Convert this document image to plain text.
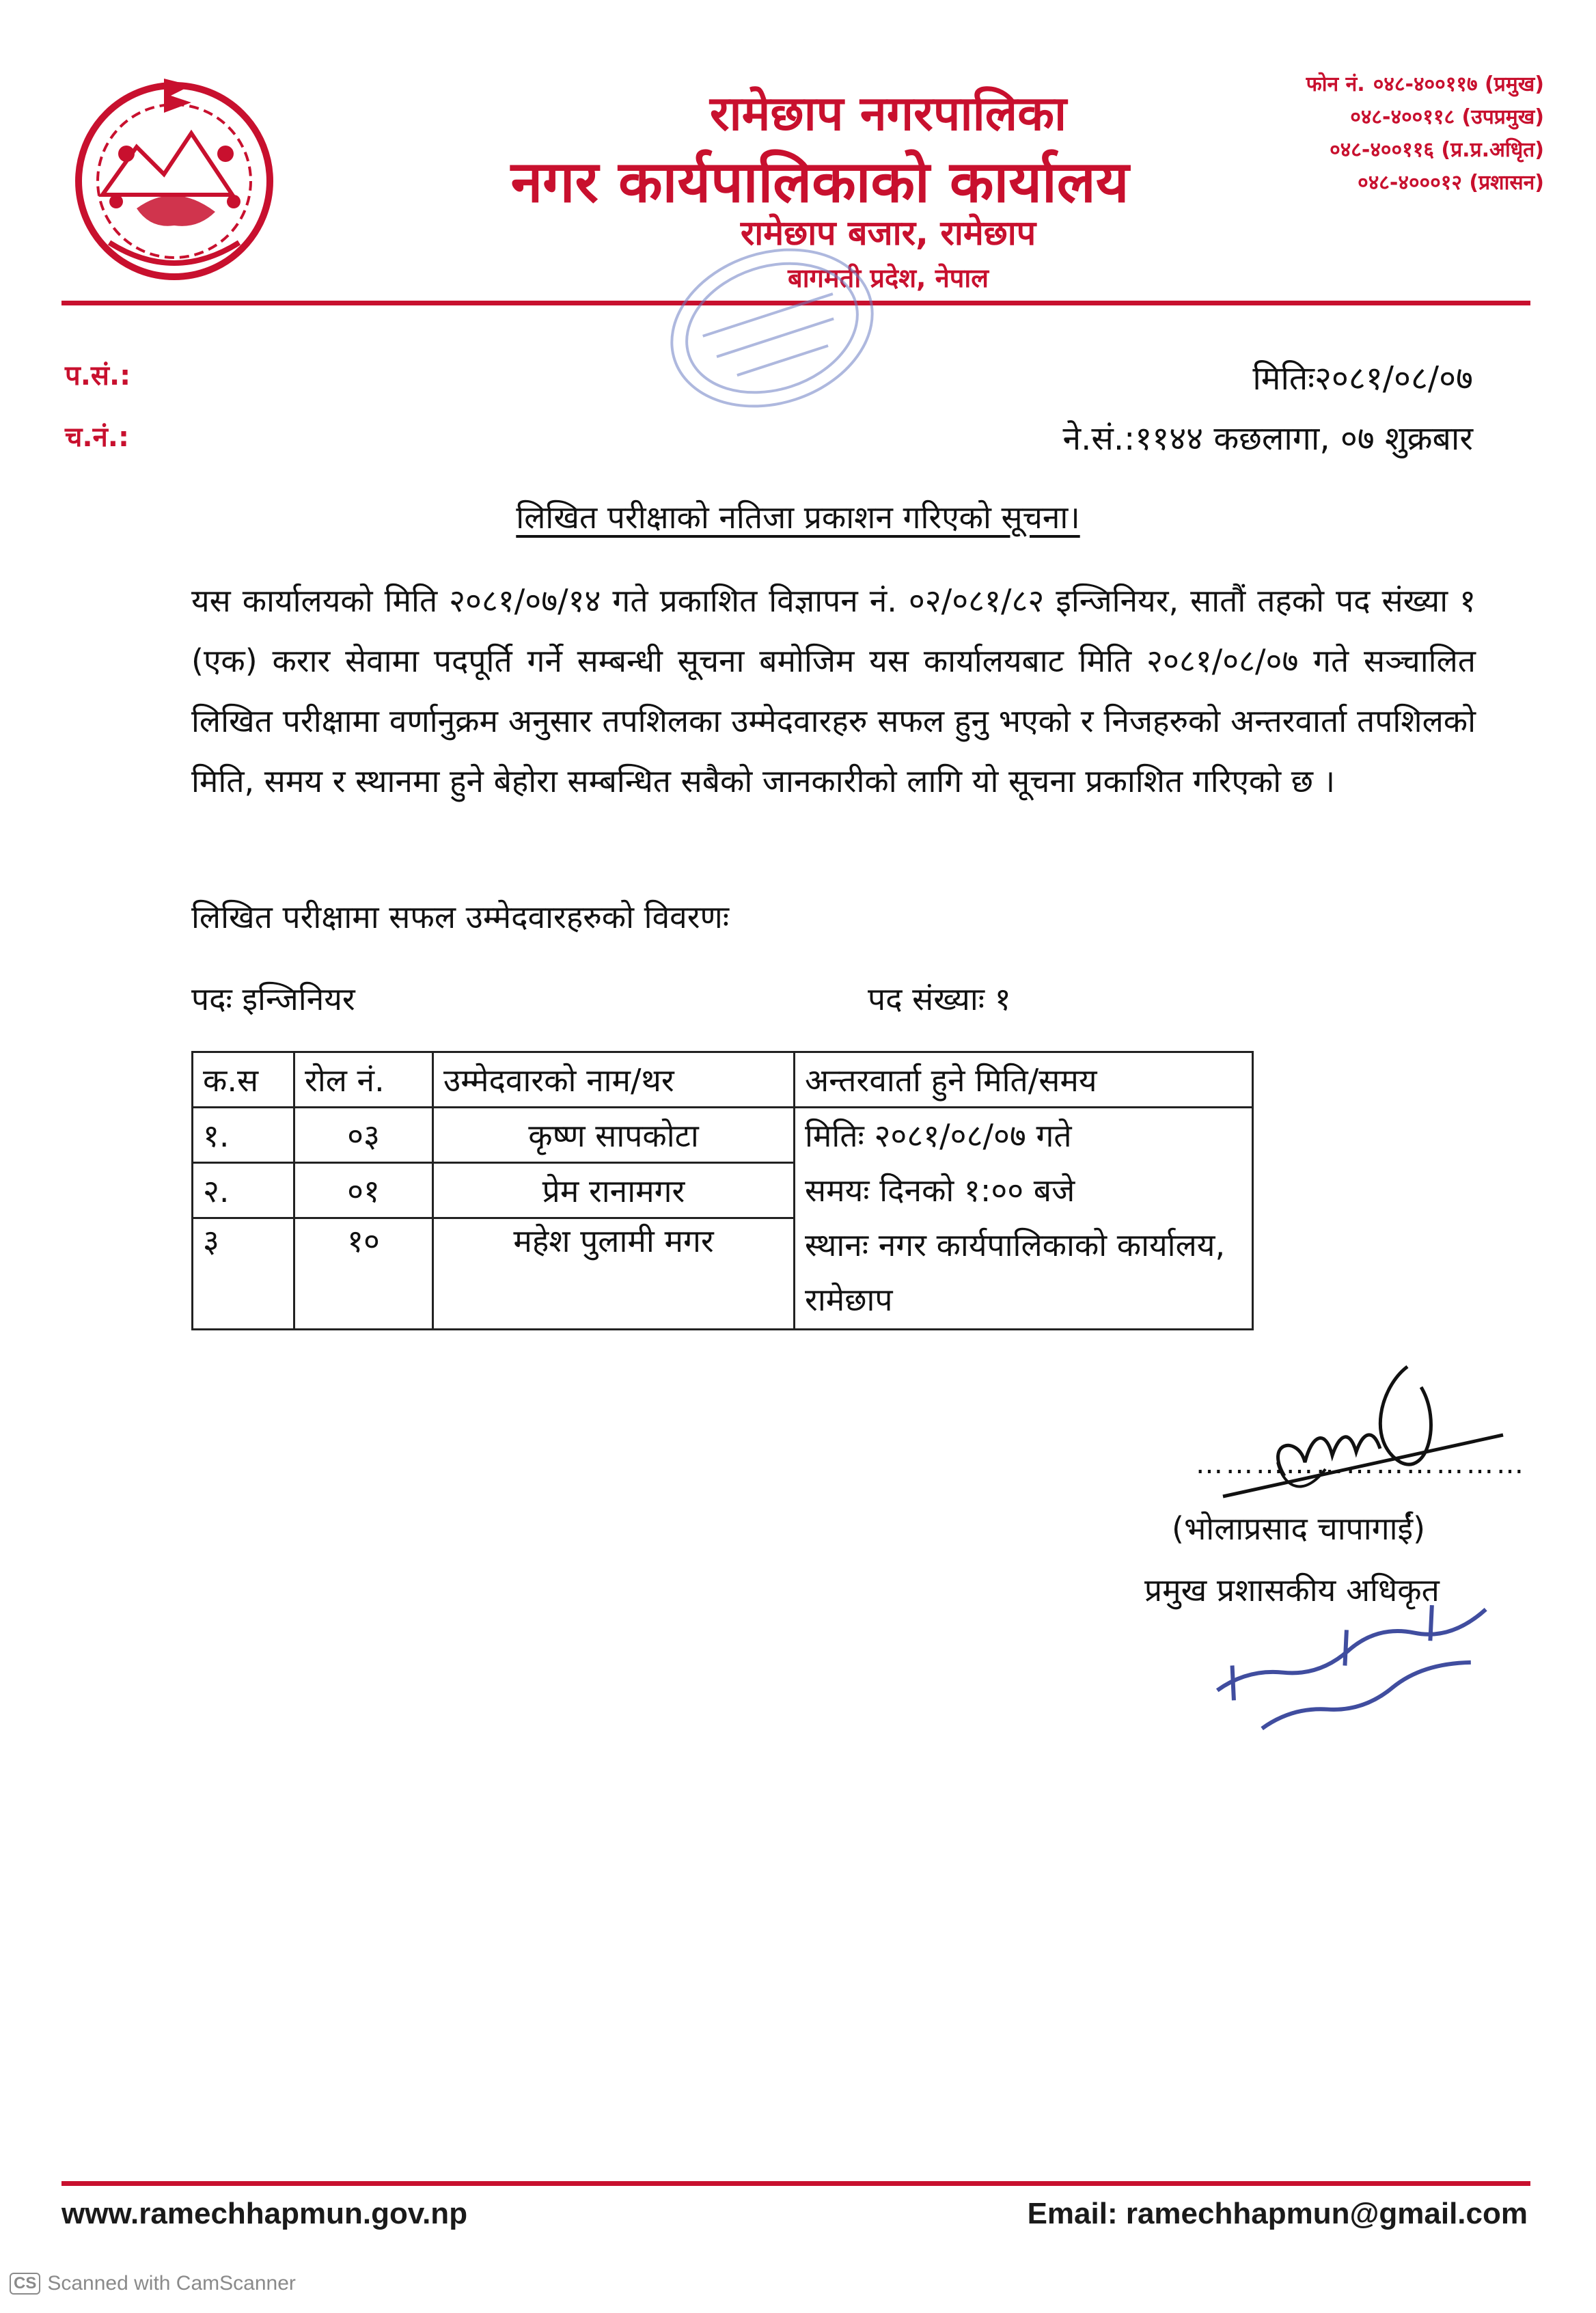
रामेछाप नगरपालिका
नगर कार्यपालिकाको कार्यालय
रामेछाप बजार, रामेछाप
बागमती प्रदेश, नेपाल
फोन नं. ०४८-४००११७
(प्रमुख)
०४८-४००११८
(उपप्रमुख)
०४८-४००११६
(प्र.प्र.अधिृत)
०४८-४०००१२
(प्रशासन)
प.सं.:
च.नं.:
मितिः२०८१/०८/०७
ने.सं.:११४४ कछलागा, ०७ शुक्रबार
लिखित परीक्षाको नतिजा प्रकाशन गरिएको सूचना।
यस कार्यालयको मिति २०८१/०७/१४ गते प्रकाशित विज्ञापन नं. ०२/०८१/८२ इन्जिनियर, सातौं तहको पद संख्या १ (एक) करार सेवामा पदपूर्ति गर्ने सम्बन्धी सूचना बमोजिम यस कार्यालयबाट मिति २०८१/०८/०७ गते सञ्चालित लिखित परीक्षामा वर्णानुक्रम अनुसार तपशिलका उम्मेदवारहरु सफल हुनु भएको र निजहरुको अन्तरवार्ता तपशिलको मिति, समय र स्थानमा हुने बेहोरा सम्बन्धित सबैको जानकारीको लागि यो सूचना प्रकाशित गरिएको छ ।
लिखित परीक्षामा सफल उम्मेदवारहरुको विवरणः
पदः इन्जिनियर	पद संख्याः १
क.स	रोल नं.	उम्मेदवारको नाम/थर	अन्तरवार्ता हुने मिति/समय
१.	०३	कृष्ण सापकोटा	मितिः २०८१/०८/०७ गते
समयः दिनको १:०० बजे
स्थानः नगर कार्यपालिकाको कार्यालय, रामेछाप

२.	०१	प्रेम रानामगर	
३	१०	महेश पुलामी मगर	
……………………………
(भोलाप्रसाद चापागाईं)
प्रमुख प्रशासकीय अधिकृत
www.ramechhapmun.gov.np	Email: ramechhapmun@gmail.com
CS Scanned with CamScanner
